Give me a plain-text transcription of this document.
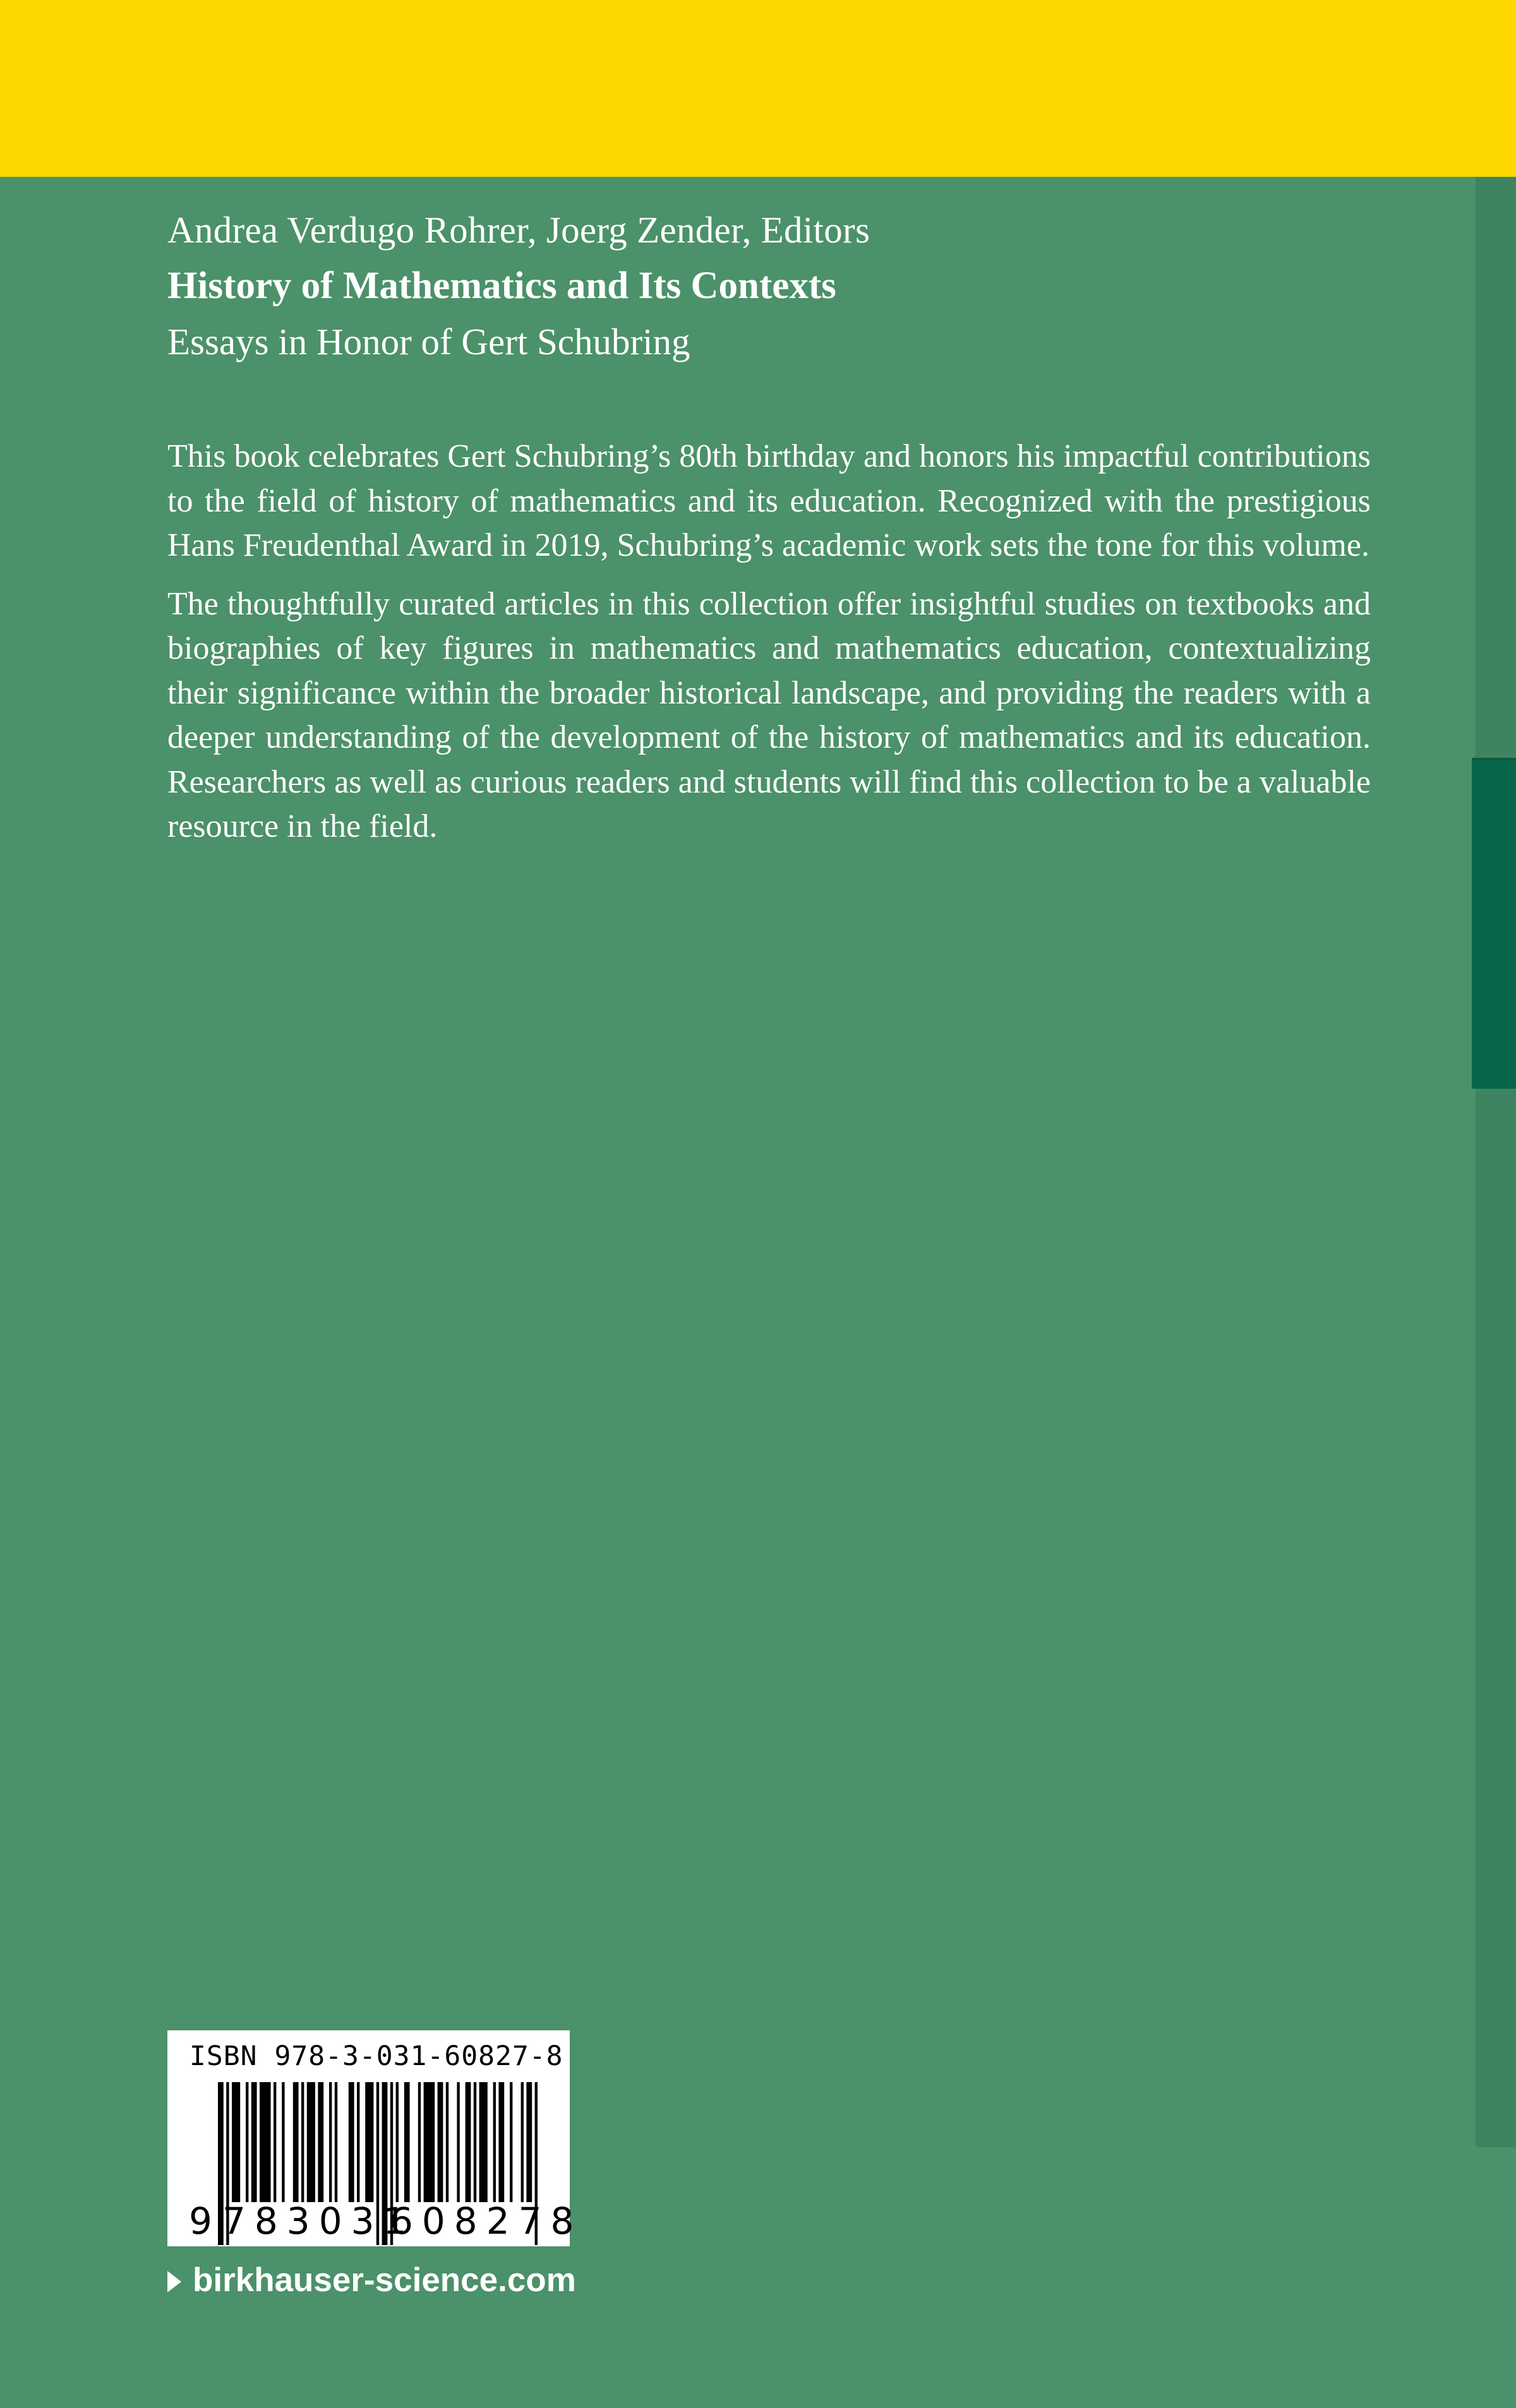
Andrea Verdugo Rohrer, Joerg Zender, Editors
History of Mathematics and Its Contexts
Essays in Honor of Gert Schubring

This book celebrates Gert Schubring’s 80th birthday and honors his impactful contributions to the field of history of mathematics and its education. Recognized with the prestigious Hans Freudenthal Award in 2019, Schubring’s academic work sets the tone for this volume.

The thoughtfully curated articles in this collection offer insightful studies on textbooks and biographies of key figures in mathematics and mathematics education, contextualizing their significance within the broader historical landscape, and providing the readers with a deeper understanding of the development of the history of mathematics and its education. Researchers as well as curious readers and students will find this collection to be a valuable resource in the field.

ISBN 978-3-031-60827-8
9 783031
608278
birkhauser-science.com
